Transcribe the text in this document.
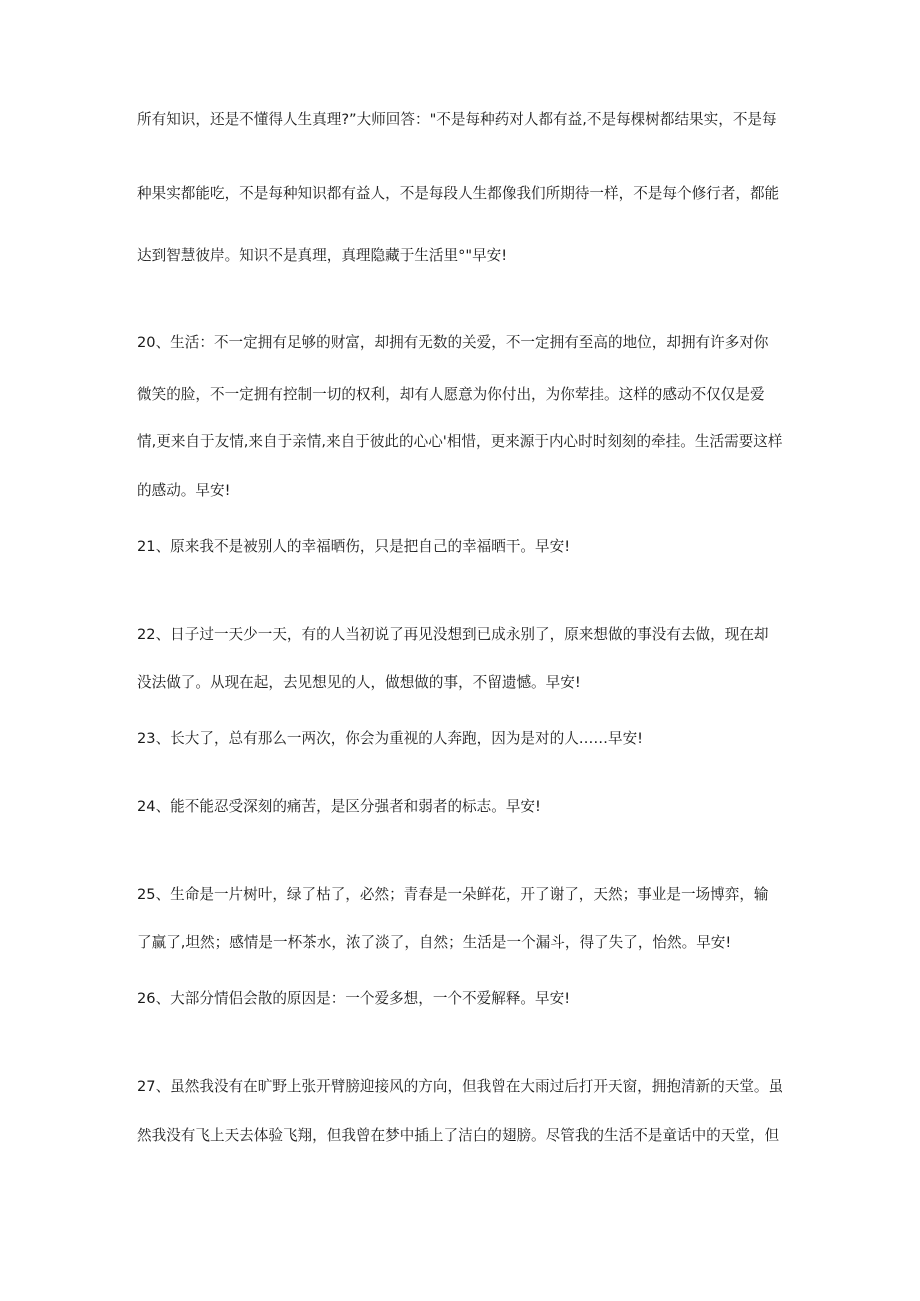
所有知识，还是不懂得人生真理?”大师回答："不是每种药对人都有益,不是每棵树都结果实，不是每
种果实都能吃，不是每种知识都有益人，不是每段人生都像我们所期待一样，不是每个修行者，都能
达到智慧彼岸。知识不是真理，真理隐藏于生活里°"早安!
20、生活：不一定拥有足够的财富，却拥有无数的关爱，不一定拥有至高的地位，却拥有许多对你
微笑的脸，不一定拥有控制一切的权利，却有人愿意为你付出，为你荤挂。这样的感动不仅仅是爱
情,更来自于友情,来自于亲情,来自于彼此的心心'相惜，更来源于内心时时刻刻的牵挂。生活需要这样
的感动。早安!
21、原来我不是被别人的幸福晒伤，只是把自己的幸福晒干。早安!
22、日子过一天少一天，有的人当初说了再见没想到已成永别了，原来想做的事没有去做，现在却
没法做了。从现在起，去见想见的人，做想做的事，不留遗憾。早安!
23、长大了，总有那么一两次，你会为重视的人奔跑，因为是对的人……早安!
24、能不能忍受深刻的痛苦，是区分强者和弱者的标志。早安!
25、生命是一片树叶，绿了枯了，必然；青春是一朵鲜花，开了谢了，天然；事业是一场博弈，输
了赢了,坦然；感情是一杯茶水，浓了淡了，自然；生活是一个漏斗，得了失了，怡然。早安!
26、大部分情侣会散的原因是：一个爱多想，一个不爱解释。早安!
27、虽然我没有在旷野上张开臂膀迎接风的方向，但我曾在大雨过后打开天窗，拥抱清新的天堂。虽
然我没有飞上天去体验飞翔，但我曾在梦中插上了洁白的翅膀。尽管我的生活不是童话中的天堂，但
